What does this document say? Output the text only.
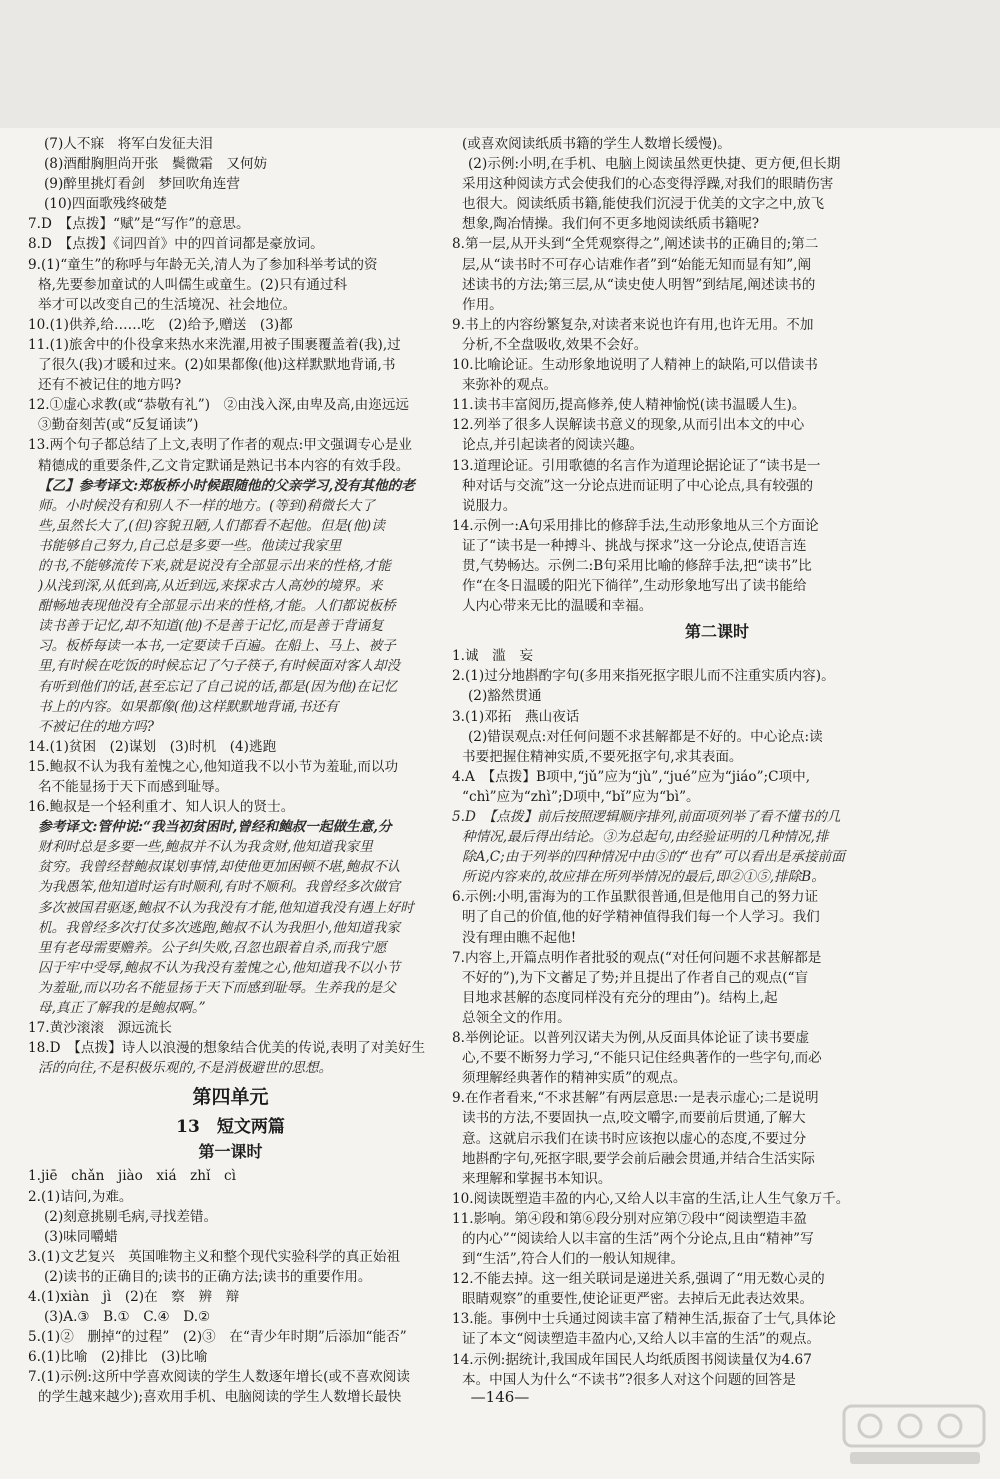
(7)人不寐　将军白发征夫泪
(8)酒酣胸胆尚开张　鬓微霜　又何妨
(9)醉里挑灯看剑　梦回吹角连营
(10)四面歌残终破楚
7.D　【点拨】“赋”是“写作”的意思。
8.D　【点拨】《词四首》中的四首词都是豪放词。
9.(1)“童生”的称呼与年龄无关,清人为了参加科举考试的资
格,先要参加童试的人叫儒生或童生。(2)只有通过科
举才可以改变自己的生活境况、社会地位。
10.(1)供养,给……吃　(2)给予,赠送　(3)都
11.(1)旅舍中的仆役拿来热水来洗濯,用被子围裹覆盖着(我),过
了很久(我)才暖和过来。(2)如果都像(他)这样默默地背诵,书
还有不被记住的地方吗?
12.①虚心求教(或“恭敬有礼”)　②由浅入深,由卑及高,由迩远远
③勤奋刻苦(或“反复诵读”)
13.两个句子都总结了上文,表明了作者的观点:甲文强调专心是业
精德成的重要条件,乙文肯定默诵是熟记书本内容的有效手段。
【乙】参考译文:郑板桥小时候跟随他的父亲学习,没有其他的老
师。小时候没有和别人不一样的地方。(等到)稍微长大了
些,虽然长大了,(但)容貌丑陋,人们都看不起他。但是(他)读
书能够自己努力,自己总是多要一些。他读过我家里
的书,不能够流传下来,就是说没有全部显示出来的性格,才能
)从浅到深,从低到高,从近到远,来探求古人高妙的境界。来
酣畅地表现他没有全部显示出来的性格,才能。人们都说板桥
读书善于记忆,却不知道(他)不是善于记忆,而是善于背诵复
习。板桥每读一本书,一定要读千百遍。在船上、马上、被子
里,有时候在吃饭的时候忘记了勺子筷子,有时候面对客人却没
有听到他们的话,甚至忘记了自己说的话,都是(因为他)在记忆
书上的内容。如果都像(他)这样默默地背诵,书还有
不被记住的地方吗?
14.(1)贫困　(2)谋划　(3)时机　(4)逃跑
15.鲍叔不认为我有羞愧之心,他知道我不以小节为羞耻,而以功
名不能显扬于天下而感到耻辱。
16.鲍叔是一个轻利重才、知人识人的贤士。
参考译文:管仲说:“我当初贫困时,曾经和鲍叔一起做生意,分
财利时总是多要一些,鲍叔并不认为我贪财,他知道我家里
贫穷。我曾经替鲍叔谋划事情,却使他更加困顿不堪,鲍叔不认
为我愚笨,他知道时运有时顺利,有时不顺利。我曾经多次做官
多次被国君驱逐,鲍叔不认为我没有才能,他知道我没有遇上好时
机。我曾经多次打仗多次逃跑,鲍叔不认为我胆小,他知道我家
里有老母需要赡养。公子纠失败,召忽也跟着自杀,而我宁愿
囚于牢中受辱,鲍叔不认为我没有羞愧之心,他知道我不以小节
为羞耻,而以功名不能显扬于天下而感到耻辱。生养我的是父
母,真正了解我的是鲍叔啊。”
17.黄沙滚滚　源远流长
18.D　【点拨】诗人以浪漫的想象结合优美的传说,表明了对美好生
活的向往,不是积极乐观的,不是消极避世的思想。
第四单元
13　短文两篇
第一课时
1.jiē　chǎn　jiào　xiá　zhǐ　cì
2.(1)诘问,为难。
(2)刻意挑剔毛病,寻找差错。
(3)味同嚼蜡
3.(1)文艺复兴　英国唯物主义和整个现代实验科学的真正始祖
(2)读书的正确目的;读书的正确方法;读书的重要作用。
4.(1)xiàn　jì　(2)在　察　辨　辩
(3)A.③　B.①　C.④　D.②
5.(1)②　删掉“的过程”　(2)③　在“青少年时期”后添加“能否”
6.(1)比喻　(2)排比　(3)比喻
7.(1)示例:这所中学喜欢阅读的学生人数逐年增长(或不喜欢阅读
的学生越来越少);喜欢用手机、电脑阅读的学生人数增长最快
(或喜欢阅读纸质书籍的学生人数增长缓慢)。
(2)示例:小明,在手机、电脑上阅读虽然更快捷、更方便,但长期
采用这种阅读方式会使我们的心态变得浮躁,对我们的眼睛伤害
也很大。阅读纸质书籍,能使我们沉浸于优美的文字之中,放飞
想象,陶冶情操。我们何不更多地阅读纸质书籍呢?
8.第一层,从开头到“全凭观察得之”,阐述读书的正确目的;第二
层,从“读书时不可存心诘难作者”到“始能无知而显有知”,阐
述读书的方法;第三层,从“读史使人明智”到结尾,阐述读书的
作用。
9.书上的内容纷繁复杂,对读者来说也许有用,也许无用。不加
分析,不全盘吸收,效果不会好。
10.比喻论证。生动形象地说明了人精神上的缺陷,可以借读书
来弥补的观点。
11.读书丰富阅历,提高修养,使人精神愉悦(读书温暖人生)。
12.列举了很多人误解读书意义的现象,从而引出本文的中心
论点,并引起读者的阅读兴趣。
13.道理论证。引用歌德的名言作为道理论据论证了“读书是一
种对话与交流”这一分论点进而证明了中心论点,具有较强的
说服力。
14.示例一:A句采用排比的修辞手法,生动形象地从三个方面论
证了“读书是一种搏斗、挑战与探求”这一分论点,使语言连
贯,气势畅达。示例二:B句采用比喻的修辞手法,把“读书”比
作“在冬日温暖的阳光下徜徉”,生动形象地写出了读书能给
人内心带来无比的温暖和幸福。
第二课时
1.诚　滥　妄
2.(1)过分地斟酌字句(多用来指死抠字眼儿而不注重实质内容)。
(2)豁然贯通
3.(1)邓拓　燕山夜话
(2)错误观点:对任何问题不求甚解都是不好的。中心论点:读
书要把握住精神实质,不要死抠字句,求其表面。
4.A　【点拨】B项中,“jǔ”应为“jù”,“jué”应为“jiáo”;C项中,
“chì”应为“zhì”;D项中,“bǐ”应为“bì”。
5.D　【点拨】前后按照逻辑顺序排列,前面项列举了看不懂书的几
种情况,最后得出结论。③为总起句,由经验证明的几种情况,排
除A,C;由于列举的四种情况中由⑤的“也有”可以看出是承接前面
所说内容来的,故应排在所列举情况的最后,即②①⑤,排除B。
6.示例:小明,雷海为的工作虽默很普通,但是他用自己的努力证
明了自己的价值,他的好学精神值得我们每一个人学习。我们
没有理由瞧不起他!
7.内容上,开篇点明作者批驳的观点(“对任何问题不求甚解都是
不好的”),为下文蓄足了势;并且提出了作者自己的观点(“盲
目地求甚解的态度同样没有充分的理由”)。结构上,起
总领全文的作用。
8.举例论证。以普列汉诺夫为例,从反面具体论证了读书要虚
心,不要不断努力学习,“不能只记住经典著作的一些字句,而必
须理解经典著作的精神实质”的观点。
9.在作者看来,“不求甚解”有两层意思:一是表示虚心;二是说明
读书的方法,不要固执一点,咬文嚼字,而要前后贯通,了解大
意。这就启示我们在读书时应该抱以虚心的态度,不要过分
地斟酌字句,死抠字眼,要学会前后融会贯通,并结合生活实际
来理解和掌握书本知识。
10.阅读既塑造丰盈的内心,又给人以丰富的生活,让人生气象万千。
11.影响。第④段和第⑥段分别对应第⑦段中“阅读塑造丰盈
的内心”“阅读给人以丰富的生活”两个分论点,且由“精神”写
到“生活”,符合人们的一般认知规律。
12.不能去掉。这一组关联词是递进关系,强调了“用无数心灵的
眼睛观察”的重要性,使论证更严密。去掉后无此表达效果。
13.能。事例中士兵通过阅读丰富了精神生活,振奋了士气,具体论
证了本文“阅读塑造丰盈内心,又给人以丰富的生活”的观点。
14.示例:据统计,我国成年国民人均纸质图书阅读量仅为4.67
本。中国人为什么“不读书”?很多人对这个问题的回答是
—146—
